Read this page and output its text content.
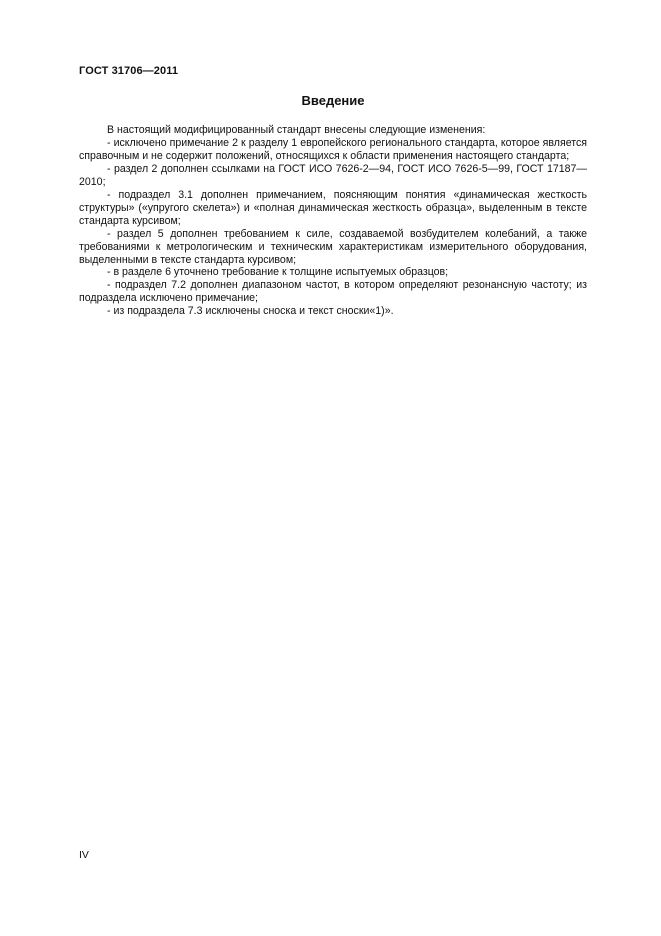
ГОСТ 31706—2011
Введение

В настоящий модифицированный стандарт внесены следующие изменения:

- исключено примечание 2 к разделу 1 европейского регионального стандарта, которое является справочным и не содержит положений, относящихся к области применения настоящего стандарта;

- раздел 2 дополнен ссылками на ГОСТ ИСО 7626-2—94, ГОСТ ИСО 7626-5—99, ГОСТ 17187—2010;

- подраздел 3.1 дополнен примечанием, поясняющим понятия «динамическая жесткость структуры» («упругого скелета») и «полная динамическая жесткость образца», выделенным в тексте стандарта курсивом;

- раздел 5 дополнен требованием к силе, создаваемой возбудителем колебаний, а также требованиями к метрологическим и техническим характеристикам измерительного оборудования, выделенными в тексте стандарта курсивом;

- в разделе 6 уточнено требование к толщине испытуемых образцов;

- подраздел 7.2 дополнен диапазоном частот, в котором определяют резонансную частоту; из подраздела исключено примечание;

- из подраздела 7.3 исключены сноска и текст сноски«1)».

IV
